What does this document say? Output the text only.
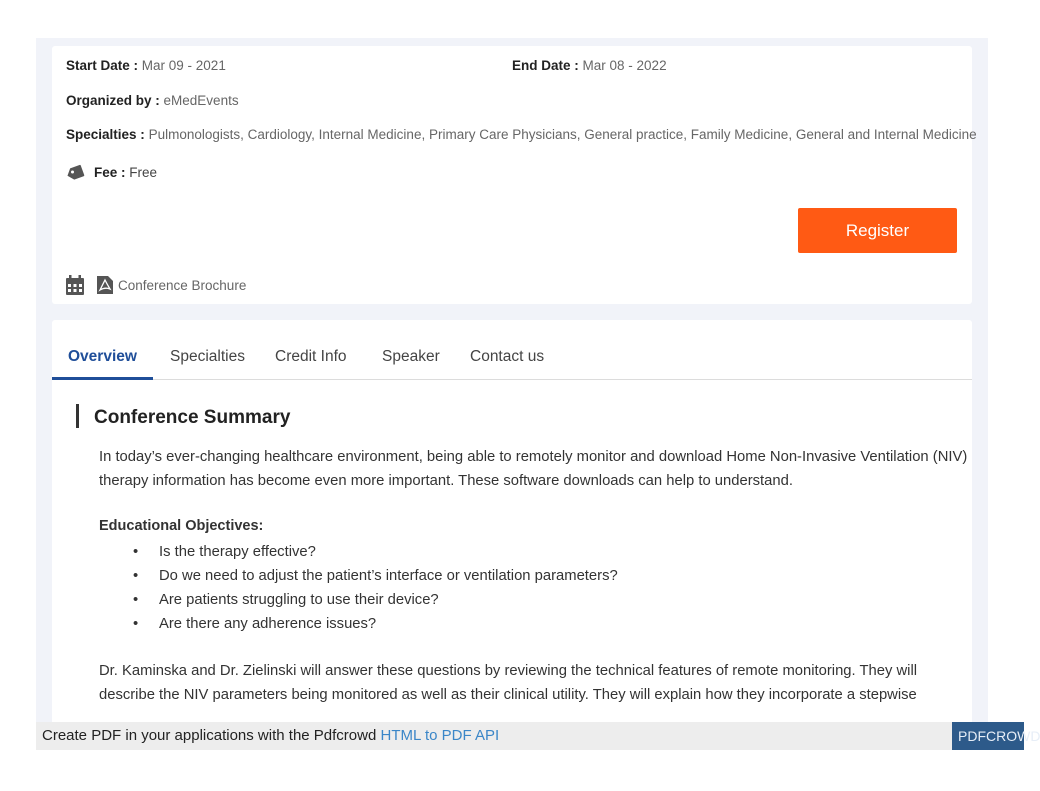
Start Date : Mar 09 - 2021	End Date : Mar 08 - 2022
Organized by : eMedEvents
Specialties : Pulmonologists, Cardiology, Internal Medicine, Primary Care Physicians, General practice, Family Medicine, General and Internal Medicine
Fee :
Free
Register
Conference Brochure
Overview Specialties Credit Info Speaker Contact us
Conference Summary

In today’s ever-changing healthcare environment, being able to remotely monitor and download Home Non-Invasive Ventilation (NIV) therapy information has become even more important. These software downloads can help to understand.

Educational Objectives:
• Is the therapy effective?
• Do we need to adjust the patient’s interface or ventilation parameters?
• Are patients struggling to use their device?
• Are there any adherence issues?

Dr. Kaminska and Dr. Zielinski will answer these questions by reviewing the technical features of remote monitoring. They will describe the NIV parameters being monitored as well as their clinical utility. They will explain how they incorporate a stepwise

Create PDF in your applications with the Pdfcrowd HTML to PDF API	PDFCROWD
